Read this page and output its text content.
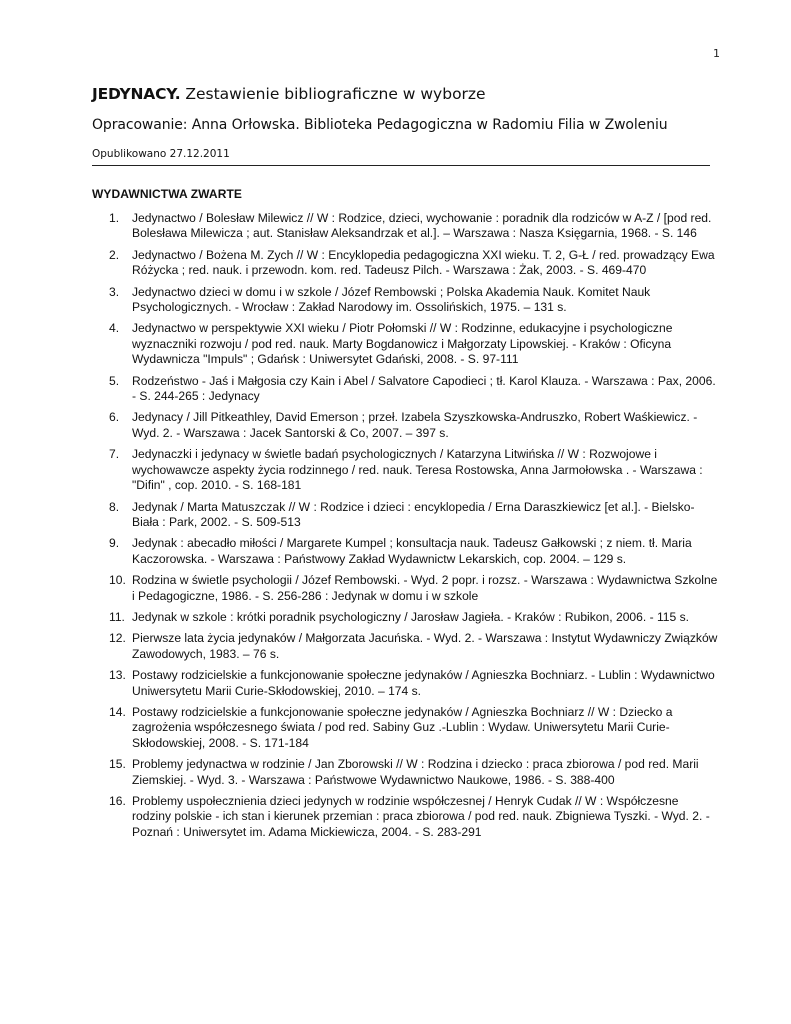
1

JEDYNACY. Zestawienie bibliograficzne w wyborze

Opracowanie: Anna Orłowska. Biblioteka Pedagogiczna w Radomiu Filia w Zwoleniu

Opublikowano 27.12.2011

WYDAWNICTWA ZWARTE
1. Jedynactwo / Bolesław Milewicz // W : Rodzice, dzieci, wychowanie : poradnik dla rodziców w A-Z / [pod red. Bolesława Milewicza ; aut. Stanisław Aleksandrzak et al.]. – Warszawa : Nasza Księgarnia, 1968. - S. 146
2. Jedynactwo / Bożena M. Zych // W : Encyklopedia pedagogiczna XXI wieku. T. 2, G-Ł / red. prowadzący Ewa Różycka ; red. nauk. i przewodn. kom. red. Tadeusz Pilch. - Warszawa : Żak, 2003. - S. 469-470
3. Jedynactwo dzieci w domu i w szkole / Józef Rembowski ; Polska Akademia Nauk. Komitet Nauk Psychologicznych. - Wrocław : Zakład Narodowy im. Ossolińskich, 1975. – 131 s.
4. Jedynactwo w perspektywie XXI wieku / Piotr Połomski // W : Rodzinne, edukacyjne i psychologiczne wyznaczniki rozwoju / pod red. nauk. Marty Bogdanowicz i Małgorzaty Lipowskiej. - Kraków : Oficyna Wydawnicza "Impuls" ; Gdańsk : Uniwersytet Gdański, 2008. - S. 97-111
5. Rodzeństwo - Jaś i Małgosia czy Kain i Abel / Salvatore Capodieci ; tł. Karol Klauza. - Warszawa : Pax, 2006. - S. 244-265 : Jedynacy
6. Jedynacy / Jill Pitkeathley, David Emerson ; przeł. Izabela Szyszkowska-Andruszko, Robert Waśkiewicz. - Wyd. 2. - Warszawa : Jacek Santorski & Co, 2007. – 397 s.
7. Jedynaczki i jedynacy w świetle badań psychologicznych / Katarzyna Litwińska // W : Rozwojowe i wychowawcze aspekty życia rodzinnego / red. nauk. Teresa Rostowska, Anna Jarmołowska . - Warszawa : "Difin" , cop. 2010. - S. 168-181
8. Jedynak / Marta Matuszczak // W : Rodzice i dzieci : encyklopedia / Erna Daraszkiewicz [et al.]. - Bielsko-Biała : Park, 2002. - S. 509-513
9. Jedynak : abecadło miłości / Margarete Kumpel ; konsultacja nauk. Tadeusz Gałkowski ; z niem. tł. Maria Kaczorowska. - Warszawa : Państwowy Zakład Wydawnictw Lekarskich, cop. 2004. – 129 s.
10. Rodzina w świetle psychologii / Józef Rembowski. - Wyd. 2 popr. i rozsz. - Warszawa : Wydawnictwa Szkolne i Pedagogiczne, 1986. - S. 256-286 : Jedynak w domu i w szkole
11. Jedynak w szkole : krótki poradnik psychologiczny / Jarosław Jagieła. - Kraków : Rubikon, 2006. - 115 s.
12. Pierwsze lata życia jedynaków / Małgorzata Jacuńska. - Wyd. 2. - Warszawa : Instytut Wydawniczy Związków Zawodowych, 1983. – 76 s.
13. Postawy rodzicielskie a funkcjonowanie społeczne jedynaków / Agnieszka Bochniarz. - Lublin : Wydawnictwo Uniwersytetu Marii Curie-Skłodowskiej, 2010. – 174 s.
14. Postawy rodzicielskie a funkcjonowanie społeczne jedynaków / Agnieszka Bochniarz // W : Dziecko a zagrożenia współczesnego świata / pod red. Sabiny Guz .-Lublin : Wydaw. Uniwersytetu Marii Curie-Skłodowskiej, 2008. - S. 171-184
15. Problemy jedynactwa w rodzinie / Jan Zborowski // W : Rodzina i dziecko : praca zbiorowa / pod red. Marii Ziemskiej. - Wyd. 3. - Warszawa : Państwowe Wydawnictwo Naukowe, 1986. - S. 388-400
16. Problemy uspołecznienia dzieci jedynych w rodzinie współczesnej / Henryk Cudak // W : Współczesne rodziny polskie - ich stan i kierunek przemian : praca zbiorowa / pod red. nauk. Zbigniewa Tyszki. - Wyd. 2. - Poznań : Uniwersytet im. Adama Mickiewicza, 2004. - S. 283-291
